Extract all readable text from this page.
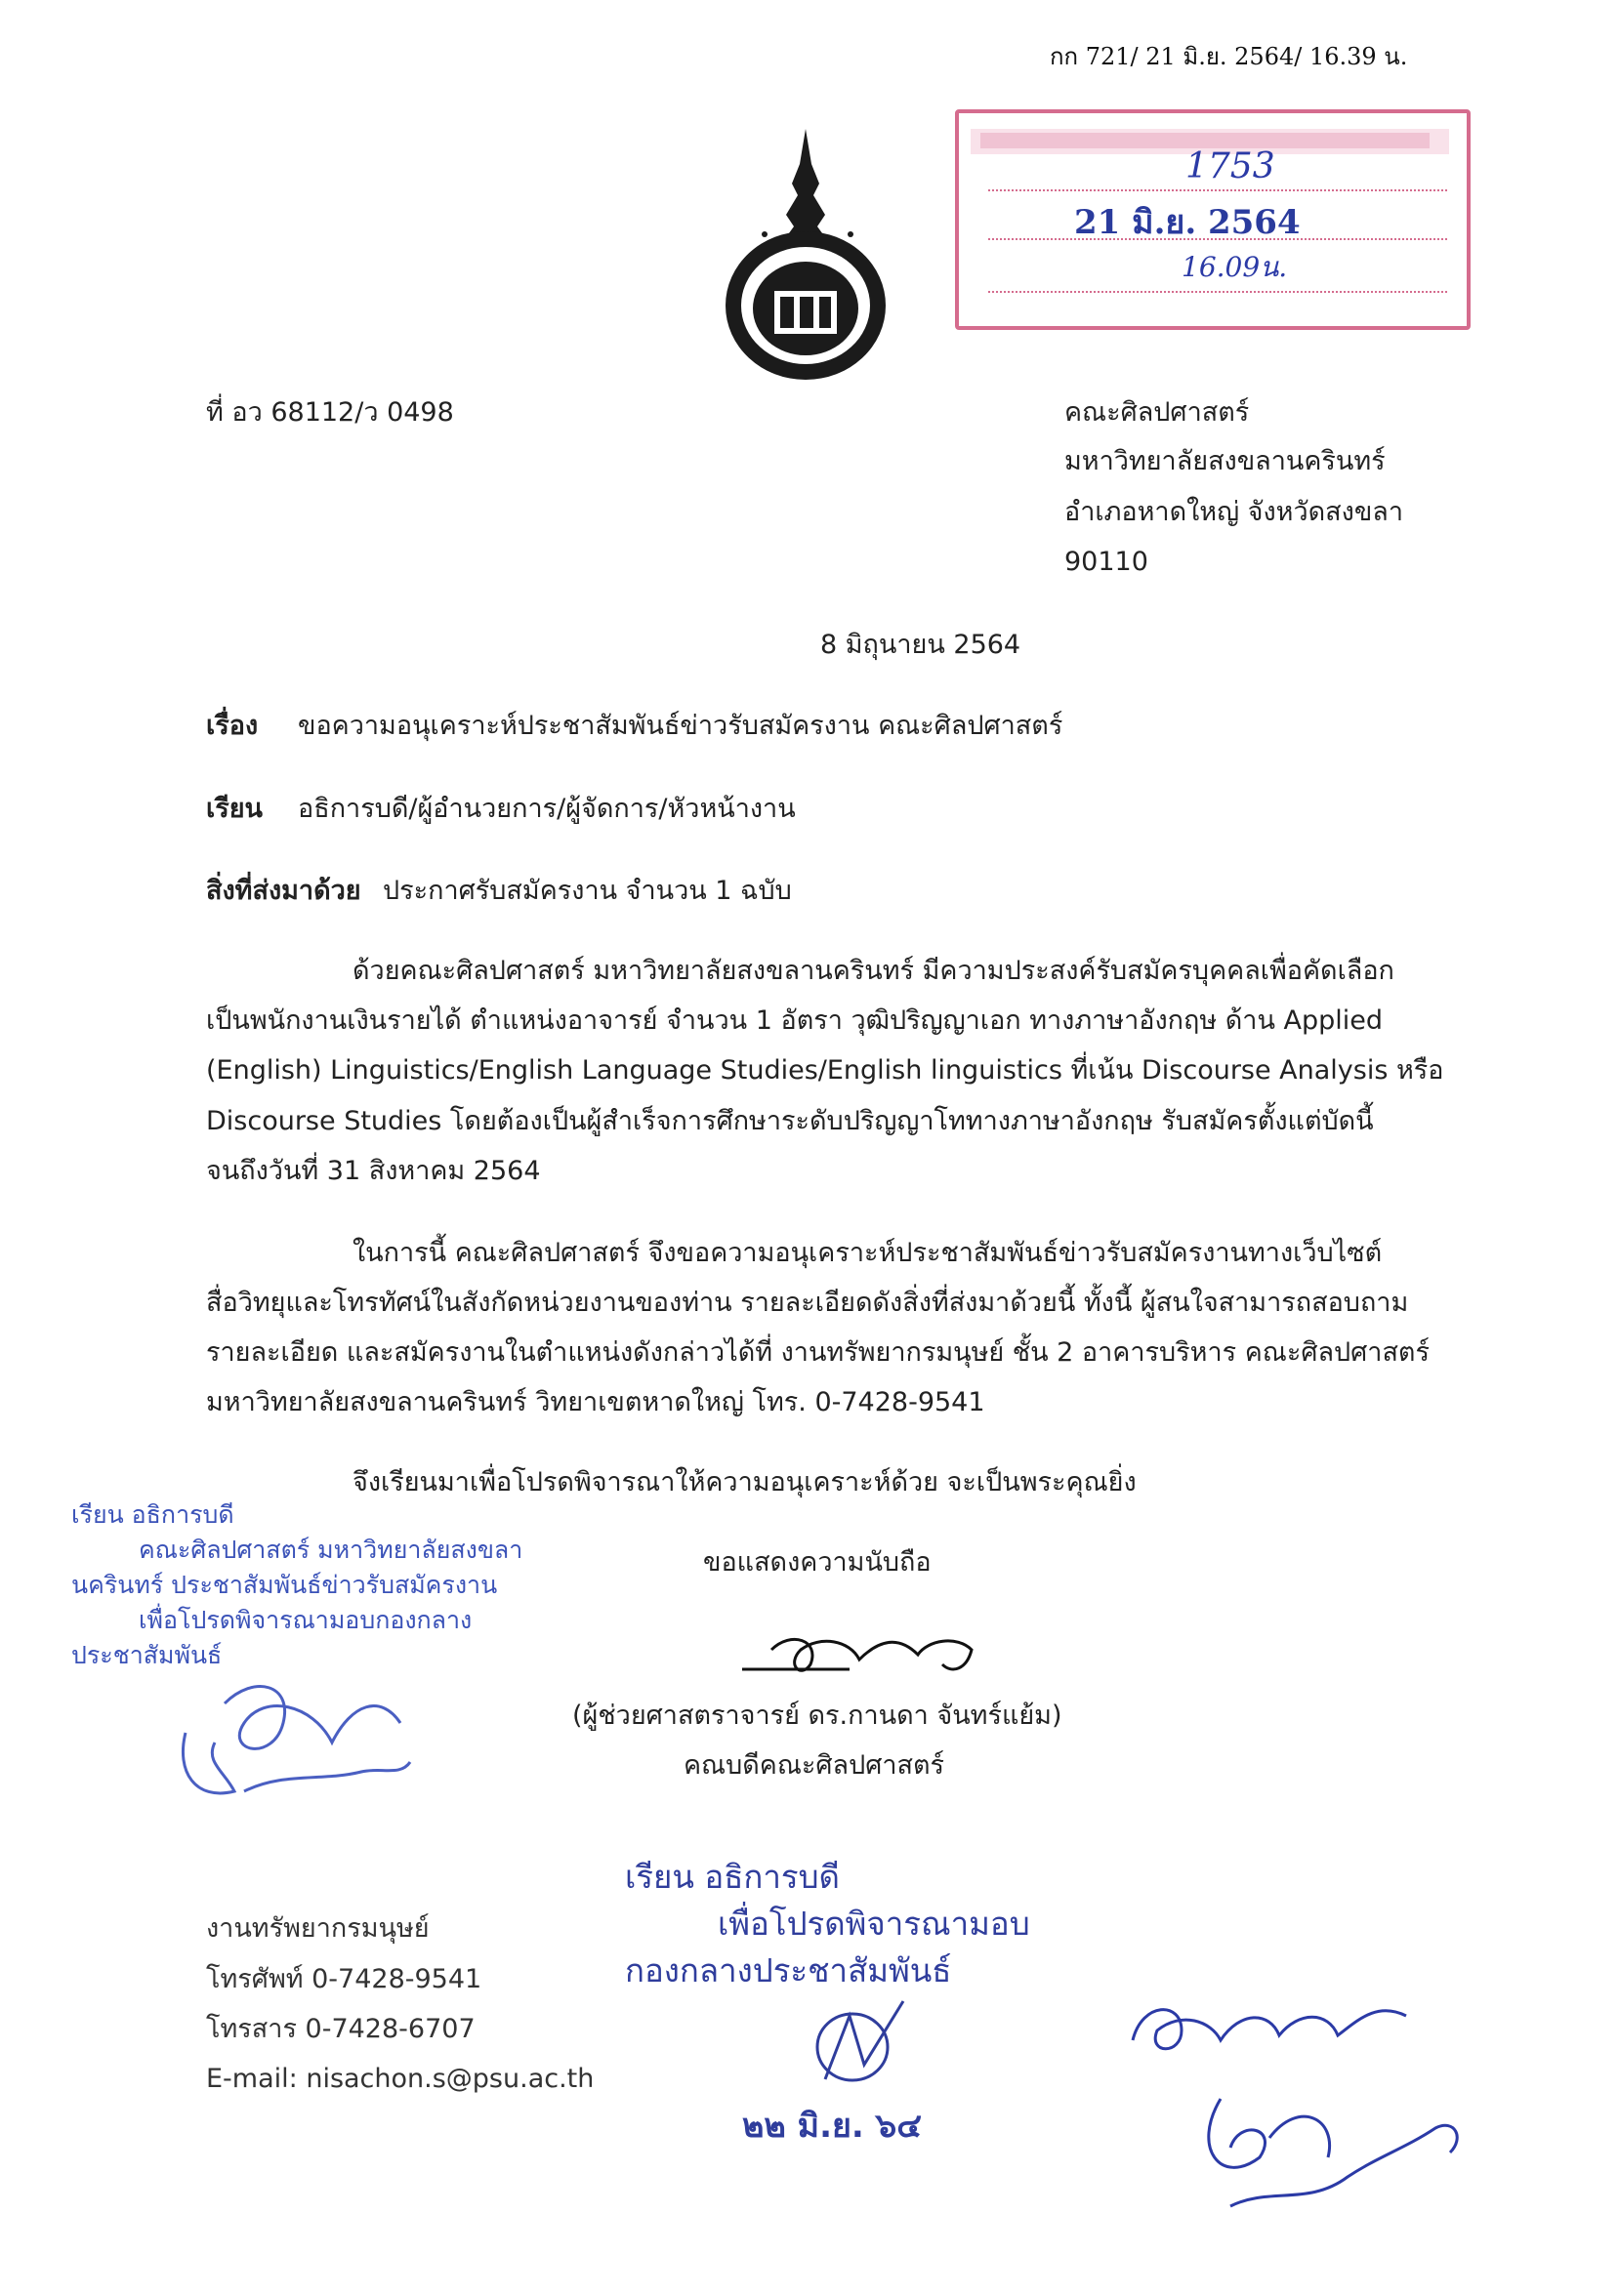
กก 721/ 21 มิ.ย. 2564/ 16.39 น.
1753
21 มิ.ย. 2564
16.09น.
ที่ อว 68112/ว 0498	คณะศิลปศาสตร์
มหาวิทยาลัยสงขลานครินทร์
อำเภอหาดใหญ่ จังหวัดสงขลา
90110
8 มิถุนายน 2564
เรื่อง ขอความอนุเคราะห์ประชาสัมพันธ์ข่าวรับสมัครงาน คณะศิลปศาสตร์
เรียน อธิการบดี/ผู้อำนวยการ/ผู้จัดการ/หัวหน้างาน
สิ่งที่ส่งมาด้วย ประกาศรับสมัครงาน จำนวน 1 ฉบับ
ด้วยคณะศิลปศาสตร์ มหาวิทยาลัยสงขลานครินทร์ มีความประสงค์รับสมัครบุคคลเพื่อคัดเลือก
เป็นพนักงานเงินรายได้ ตำแหน่งอาจารย์ จำนวน 1 อัตรา วุฒิปริญญาเอก ทางภาษาอังกฤษ ด้าน Applied
(English) Linguistics/English Language Studies/English linguistics ที่เน้น Discourse Analysis หรือ
Discourse Studies โดยต้องเป็นผู้สำเร็จการศึกษาระดับปริญญาโททางภาษาอังกฤษ รับสมัครตั้งแต่บัดนี้
จนถึงวันที่ 31 สิงหาคม 2564
ในการนี้ คณะศิลปศาสตร์ จึงขอความอนุเคราะห์ประชาสัมพันธ์ข่าวรับสมัครงานทางเว็บไซต์
สื่อวิทยุและโทรทัศน์ในสังกัดหน่วยงานของท่าน รายละเอียดดังสิ่งที่ส่งมาด้วยนี้ ทั้งนี้ ผู้สนใจสามารถสอบถาม
รายละเอียด และสมัครงานในตำแหน่งดังกล่าวได้ที่ งานทรัพยากรมนุษย์ ชั้น 2 อาคารบริหาร คณะศิลปศาสตร์
มหาวิทยาลัยสงขลานครินทร์ วิทยาเขตหาดใหญ่ โทร. 0-7428-9541
จึงเรียนมาเพื่อโปรดพิจารณาให้ความอนุเคราะห์ด้วย จะเป็นพระคุณยิ่ง
เรียน อธิการบดี
คณะศิลปศาสตร์ มหาวิทยาลัยสงขลา
นครินทร์ ประชาสัมพันธ์ข่าวรับสมัครงาน
เพื่อโปรดพิจารณามอบกองกลาง
ประชาสัมพันธ์
ขอแสดงความนับถือ
(ผู้ช่วยศาสตราจารย์ ดร.กานดา จันทร์แย้ม)
คณบดีคณะศิลปศาสตร์
เรียน อธิการบดี
เพื่อโปรดพิจารณามอบ
กองกลางประชาสัมพันธ์
๒๒ มิ.ย. ๖๔
งานทรัพยากรมนุษย์
โทรศัพท์ 0-7428-9541
โทรสาร 0-7428-6707
E-mail: nisachon.s@psu.ac.th
